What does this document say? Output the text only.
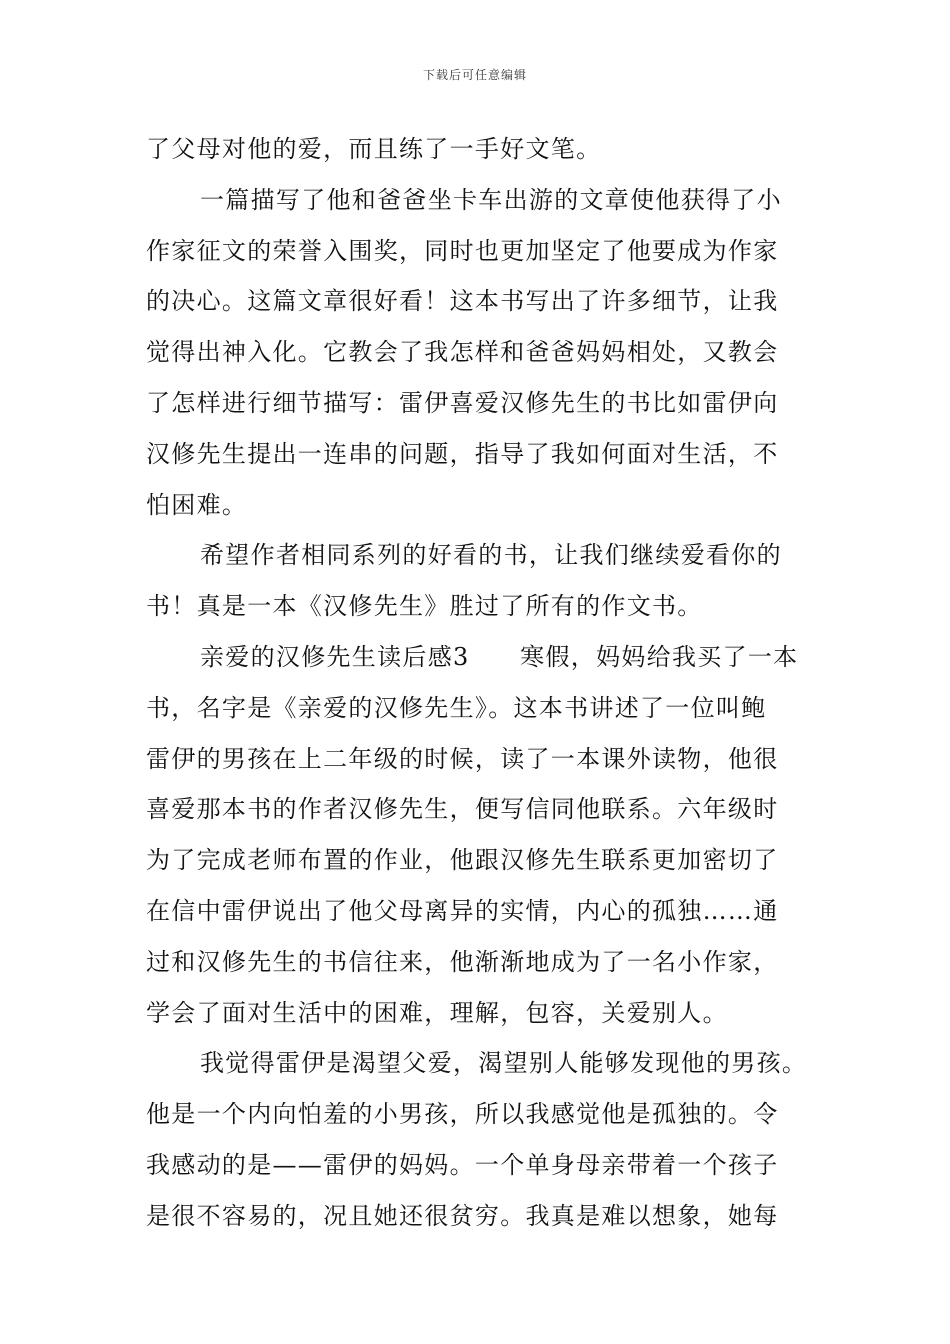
下载后可任意编辑
了父母对他的爱，而且练了一手好文笔。
一篇描写了他和爸爸坐卡车出游的文章使他获得了小
作家征文的荣誉入围奖，同时也更加坚定了他要成为作家
的决心。这篇文章很好看！这本书写出了许多细节，让我
觉得出神入化。它教会了我怎样和爸爸妈妈相处，又教会
了怎样进行细节描写：雷伊喜爱汉修先生的书比如雷伊向
汉修先生提出一连串的问题，指导了我如何面对生活，不
怕困难。
希望作者相同系列的好看的书，让我们继续爱看你的
书！真是一本《汉修先生》胜过了所有的作文书。
亲爱的汉修先生读后感3　　寒假，妈妈给我买了一本
书，名字是《亲爱的汉修先生》。这本书讲述了一位叫鲍
雷伊的男孩在上二年级的时候，读了一本课外读物，他很
喜爱那本书的作者汉修先生，便写信同他联系。六年级时
为了完成老师布置的作业，他跟汉修先生联系更加密切了
在信中雷伊说出了他父母离异的实情，内心的孤独……通
过和汉修先生的书信往来，他渐渐地成为了一名小作家，
学会了面对生活中的困难，理解，包容，关爱别人。
我觉得雷伊是渴望父爱，渴望别人能够发现他的男孩。
他是一个内向怕羞的小男孩，所以我感觉他是孤独的。令
我感动的是——雷伊的妈妈。一个单身母亲带着一个孩子
是很不容易的，况且她还很贫穷。我真是难以想象，她每
